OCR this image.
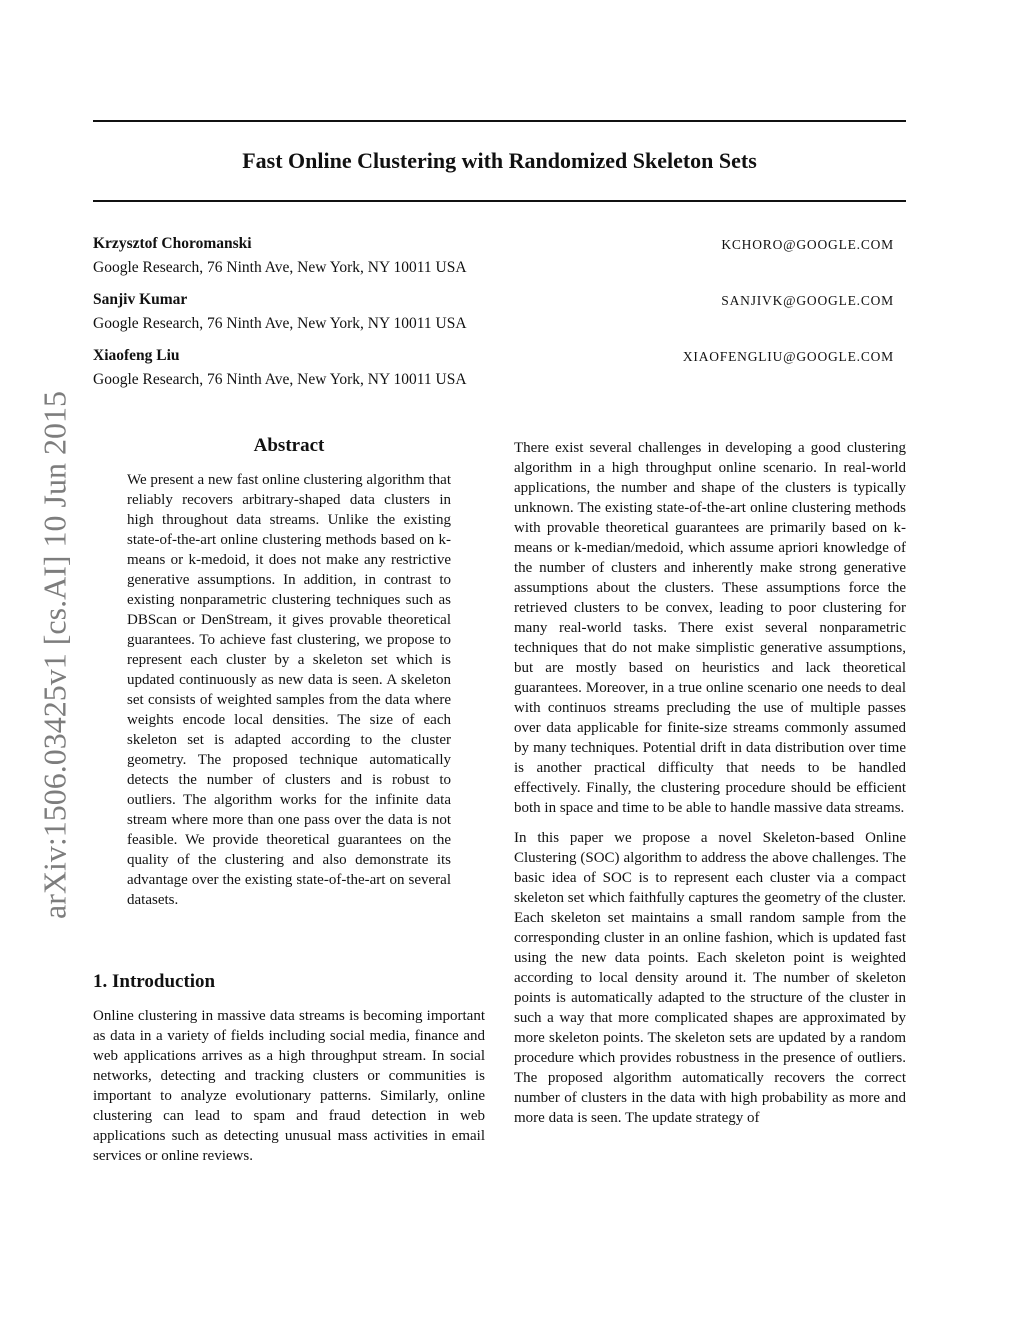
Fast Online Clustering with Randomized Skeleton Sets
Krzysztof Choromanski	KCHORO@GOOGLE.COM
Google Research, 76 Ninth Ave, New York, NY 10011 USA
Sanjiv Kumar	SANJIVK@GOOGLE.COM
Google Research, 76 Ninth Ave, New York, NY 10011 USA
Xiaofeng Liu	XIAOFENGLIU@GOOGLE.COM
Google Research, 76 Ninth Ave, New York, NY 10011 USA
arXiv:1506.03425v1 [cs.AI] 10 Jun 2015	Abstract

We present a new fast online clustering algorithm that reliably recovers arbitrary-shaped data clusters in high throughout data streams. Unlike the existing state-of-the-art online clustering methods based on k-means or k-medoid, it does not make any restrictive generative assumptions. In addition, in contrast to existing nonparametric clustering techniques such as DBScan or DenStream, it gives provable theoretical guarantees. To achieve fast clustering, we propose to represent each cluster by a skeleton set which is updated continuously as new data is seen. A skeleton set consists of weighted samples from the data where weights encode local densities. The size of each skeleton set is adapted according to the cluster geometry. The proposed technique automatically detects the number of clusters and is robust to outliers. The algorithm works for the infinite data stream where more than one pass over the data is not feasible. We provide theoretical guarantees on the quality of the clustering and also demonstrate its advantage over the existing state-of-the-art on several datasets.

1. Introduction

Online clustering in massive data streams is becoming important as data in a variety of fields including social media, finance and web applications arrives as a high throughput stream. In social networks, detecting and tracking clusters or communities is important to analyze evolutionary patterns. Similarly, online clustering can lead to spam and fraud detection in web applications such as detecting unusual mass activities in email services or online reviews.

There exist several challenges in developing a good clustering algorithm in a high throughput online scenario. In real-world applications, the number and shape of the clusters is typically unknown. The existing state-of-the-art online clustering methods with provable theoretical guarantees are primarily based on k-means or k-median/medoid, which assume apriori knowledge of the number of clusters and inherently make strong generative assumptions about the clusters. These assumptions force the retrieved clusters to be convex, leading to poor clustering for many real-world tasks. There exist several nonparametric techniques that do not make simplistic generative assumptions, but are mostly based on heuristics and lack theoretical guarantees. Moreover, in a true online scenario one needs to deal with continuos streams precluding the use of multiple passes over data applicable for finite-size streams commonly assumed by many techniques. Potential drift in data distribution over time is another practical difficulty that needs to be handled effectively. Finally, the clustering procedure should be efficient both in space and time to be able to handle massive data streams.

In this paper we propose a novel Skeleton-based Online Clustering (SOC) algorithm to address the above challenges. The basic idea of SOC is to represent each cluster via a compact skeleton set which faithfully captures the geometry of the cluster. Each skeleton set maintains a small random sample from the corresponding cluster in an online fashion, which is updated fast using the new data points. Each skeleton point is weighted according to local density around it. The number of skeleton points is automatically adapted to the structure of the cluster in such a way that more complicated shapes are approximated by more skeleton points. The skeleton sets are updated by a random procedure which provides robustness in the presence of outliers. The proposed algorithm automatically recovers the correct number of clusters in the data with high probability as more and more data is seen. The update strategy of
